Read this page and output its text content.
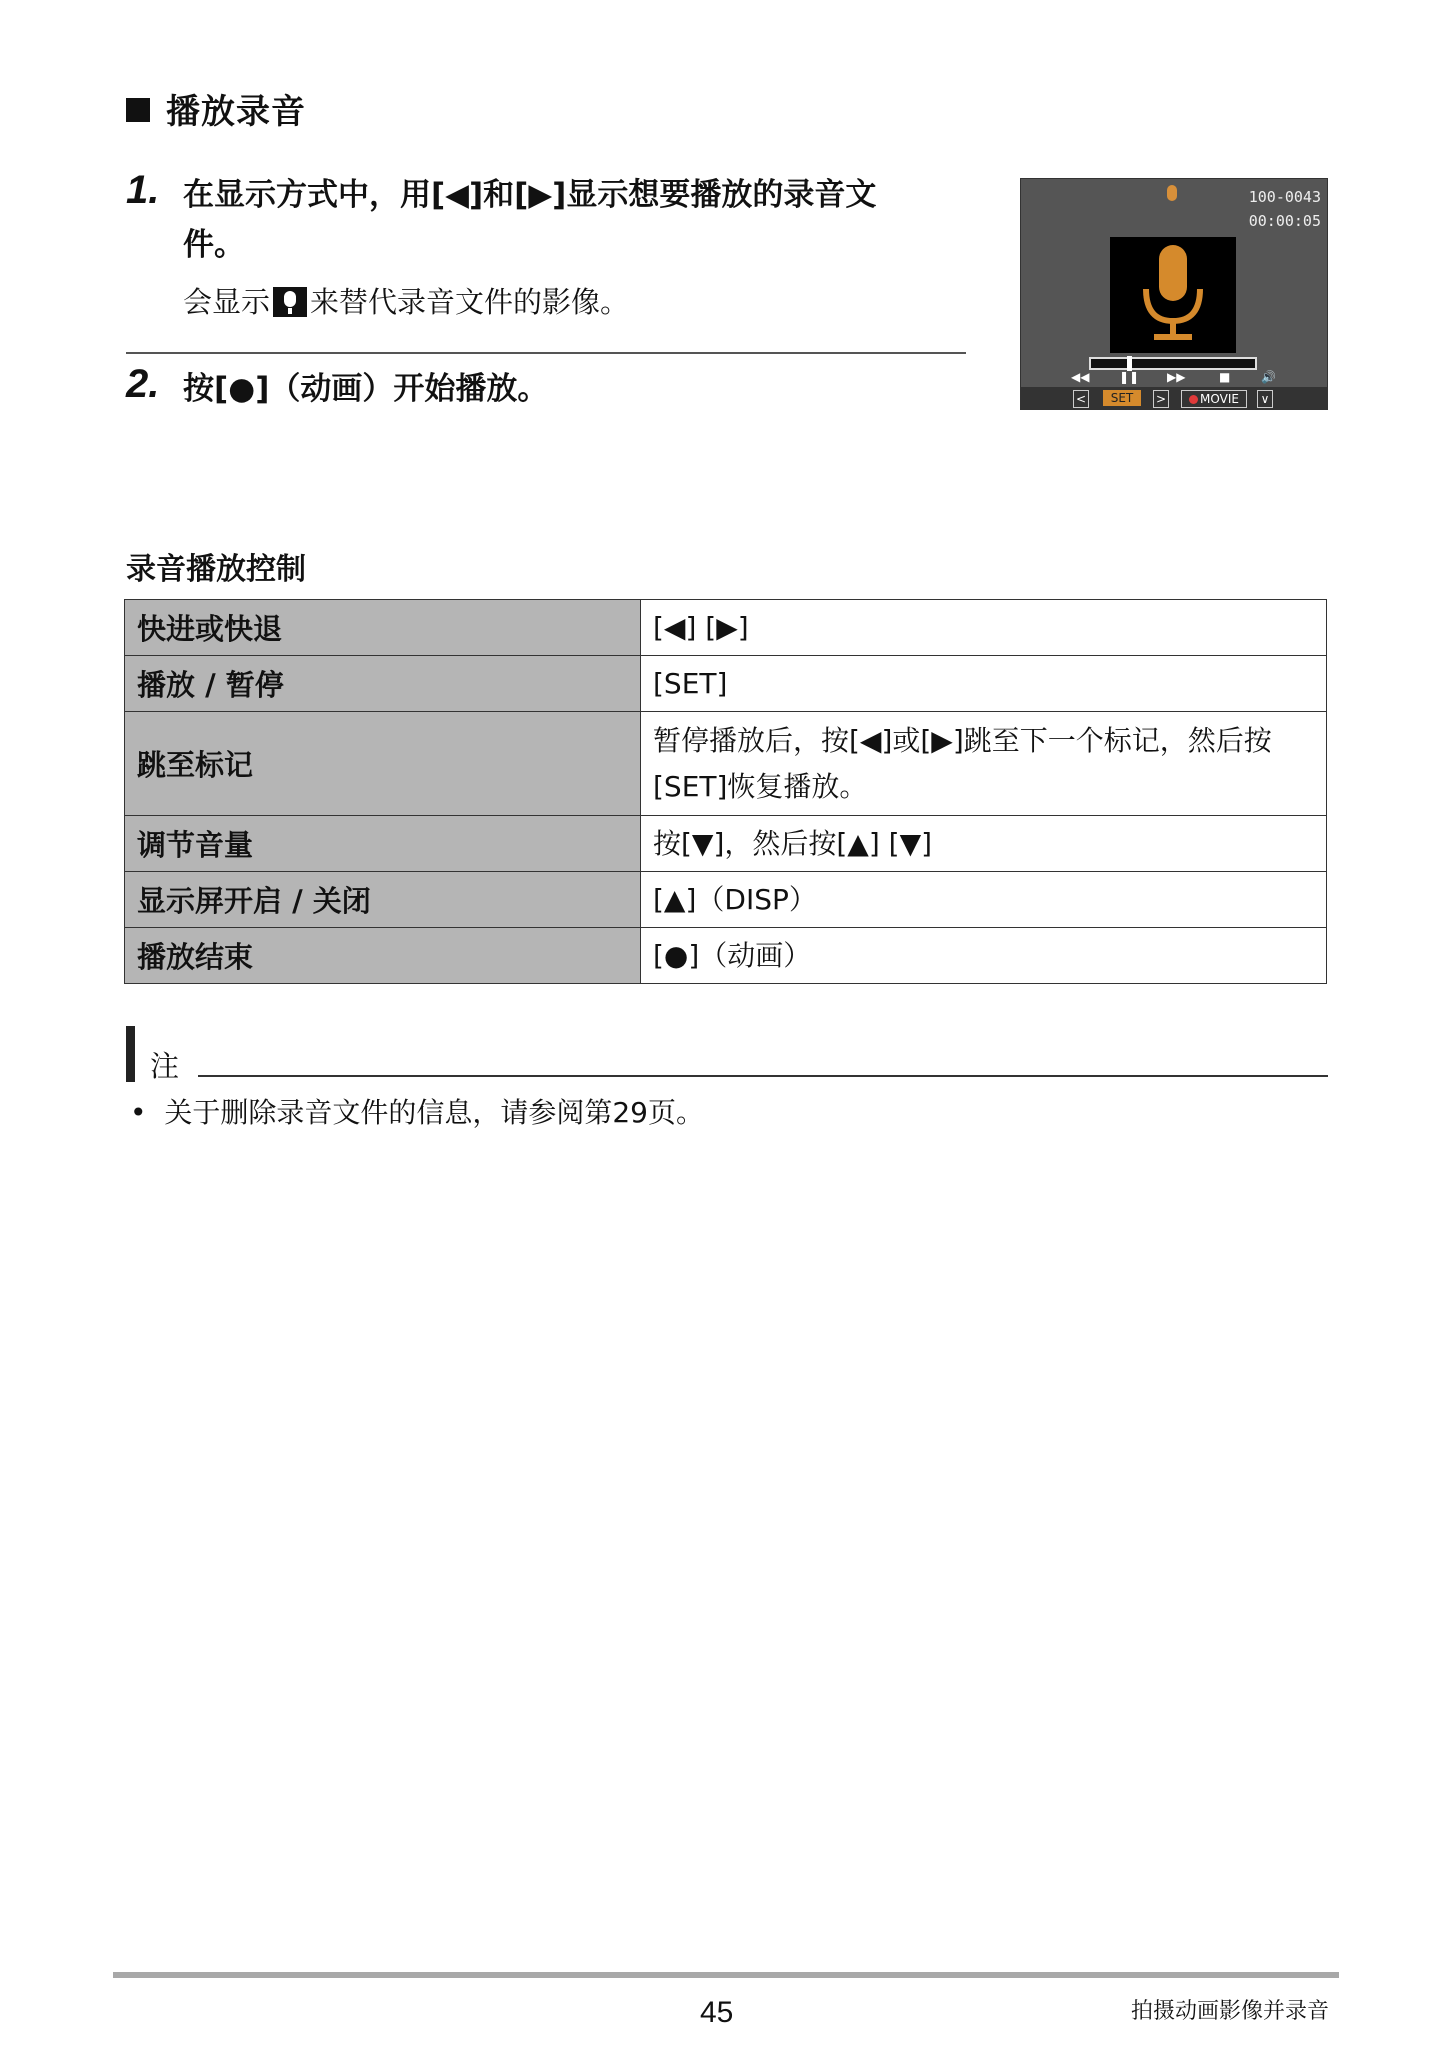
播放录音
1. 在显示方式中，用[◀]和[▶]显示想要播放的录音文
件。
会显示 来替代录音文件的影像。
2. 按[●]（动画）开始播放。
100-0043
00:00:05
◀◀ ❚❚ ▶▶	■	🔊
<	SET	>	MOVIE	∨
录音播放控制
快进或快退	[◀] [▶]
播放 / 暂停	[SET]
跳至标记	暂停播放后，按[◀]或[▶]跳至下一个标记，然后按[SET]恢复播放。
调节音量	按[▼]，然后按[▲] [▼]
显示屏开启 / 关闭	[▲]（DISP）
播放结束	[●]（动画）
注
•  关于删除录音文件的信息，请参阅第29页。
45	拍摄动画影像并录音
